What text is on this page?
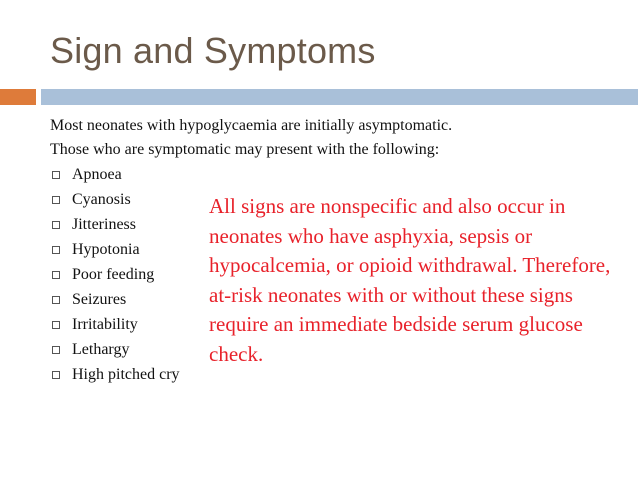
Sign and Symptoms
Most neonates with hypoglycaemia are initially asymptomatic.
Those who are symptomatic may present with the following:
Apnoea
Cyanosis
Jitteriness
Hypotonia
Poor feeding
Seizures
Irritability
Lethargy
High pitched cry
All signs are nonspecific and also occur in neonates who have asphyxia, sepsis or hypocalcemia, or opioid withdrawal. Therefore, at-risk neonates with or without these signs require an immediate bedside serum glucose check.
